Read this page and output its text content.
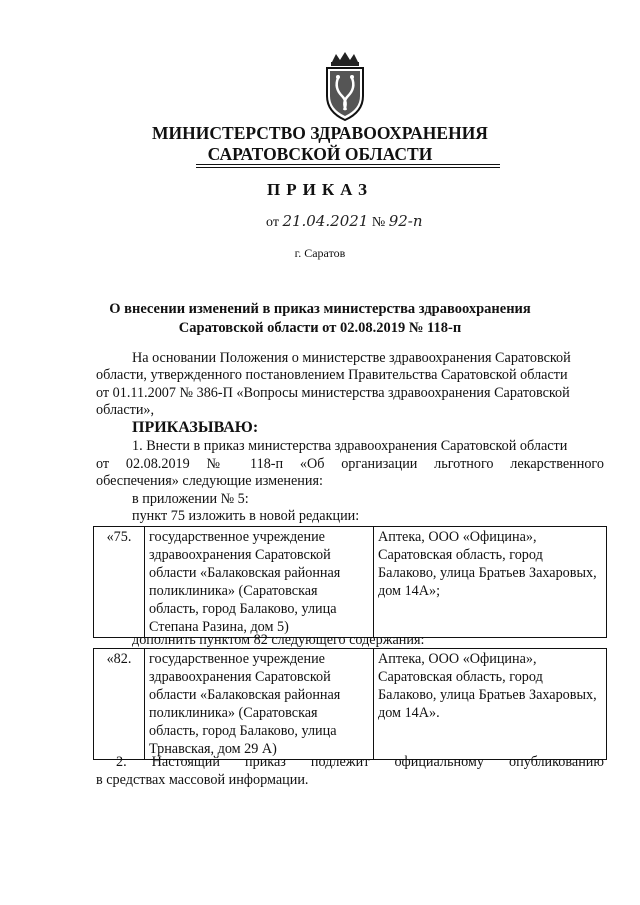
МИНИСТЕРСТВО ЗДРАВООХРАНЕНИЯ
САРАТОВСКОЙ ОБЛАСТИ
ПРИКАЗ
от 21.04.2021 № 92-п
г. Саратов
О внесении изменений в приказ министерства здравоохранения
Саратовской области от 02.08.2019 № 118-п
На основании Положения о министерстве здравоохранения Саратовской
области, утвержденного постановлением Правительства Саратовской области
от 01.11.2007 № 386-П «Вопросы министерства здравоохранения Саратовской
области»,
ПРИКАЗЫВАЮ:
1. Внести в приказ министерства здравоохранения Саратовской области
от 02.08.2019 № 118-п «Об организации льготного лекарственного
обеспечения» следующие изменения:
в приложении № 5:
пункт 75 изложить в новой редакции:
«75.	государственное учреждение здравоохранения Саратовской области «Балаковская районная поликлиника» (Саратовская область, город Балаково, улица Степана Разина, дом 5)	Аптека, ООО «Официна», Саратовская область, город Балаково, улица Братьев Захаровых, дом 14А»;
дополнить пунктом 82 следующего содержания:
«82.	государственное учреждение здравоохранения Саратовской области «Балаковская районная поликлиника» (Саратовская область, город Балаково, улица Трнавская, дом 29 А)	Аптека, ООО «Официна», Саратовская область, город Балаково, улица Братьев Захаровых, дом 14А».
2. Настоящий приказ подлежит официальному опубликованию
в средствах массовой информации.
